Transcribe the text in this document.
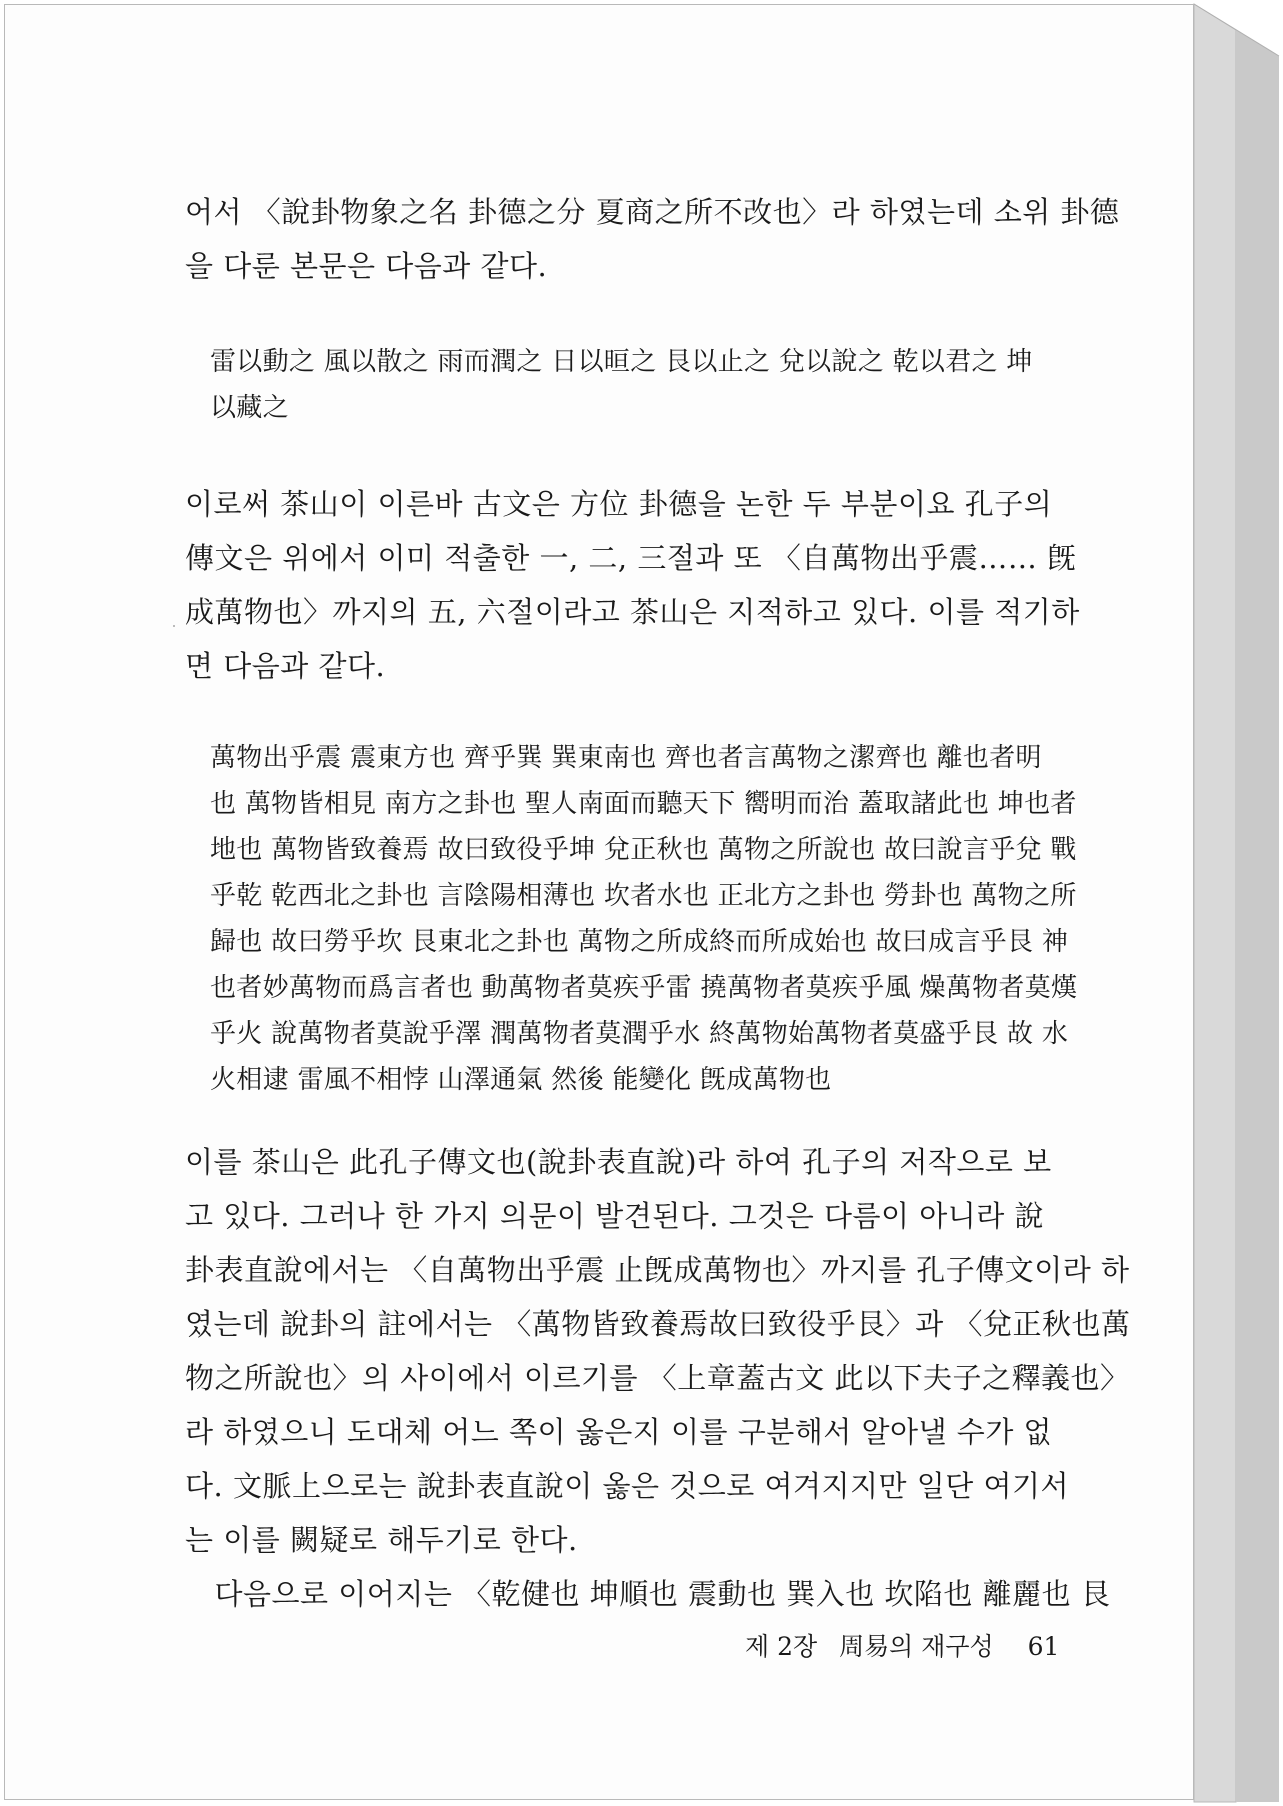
어서 〈說卦物象之名 卦德之分 夏商之所不改也〉라 하였는데 소위 卦德
을 다룬 본문은 다음과 같다.
雷以動之 風以散之 雨而潤之 日以晅之 艮以止之 兌以說之 乾以君之 坤
以藏之
이로써 茶山이 이른바 古文은 方位 卦德을 논한 두 부분이요 孔子의
傳文은 위에서 이미 적출한 一, 二, 三절과 또 〈自萬物出乎震…… 旣
成萬物也〉까지의 五, 六절이라고 茶山은 지적하고 있다. 이를 적기하
면 다음과 같다.
萬物出乎震 震東方也 齊乎巽 巽東南也 齊也者言萬物之潔齊也 離也者明
也 萬物皆相見 南方之卦也 聖人南面而聽天下 嚮明而治 蓋取諸此也 坤也者
地也 萬物皆致養焉 故曰致役乎坤 兌正秋也 萬物之所說也 故曰說言乎兌 戰
乎乾 乾西北之卦也 言陰陽相薄也 坎者水也 正北方之卦也 勞卦也 萬物之所
歸也 故曰勞乎坎 艮東北之卦也 萬物之所成終而所成始也 故曰成言乎艮 神
也者妙萬物而爲言者也 動萬物者莫疾乎雷 撓萬物者莫疾乎風 燥萬物者莫熯
乎火 說萬物者莫說乎澤 潤萬物者莫潤乎水 終萬物始萬物者莫盛乎艮 故 水
火相逮 雷風不相悖 山澤通氣 然後 能變化 旣成萬物也
이를 茶山은 此孔子傳文也(說卦表直說)라 하여 孔子의 저작으로 보
고 있다. 그러나 한 가지 의문이 발견된다. 그것은 다름이 아니라 說
卦表直說에서는 〈自萬物出乎震 止旣成萬物也〉까지를 孔子傳文이라 하
였는데 說卦의 註에서는 〈萬物皆致養焉故曰致役乎艮〉과 〈兌正秋也萬
物之所說也〉의 사이에서 이르기를 〈上章蓋古文 此以下夫子之釋義也〉
라 하였으니 도대체 어느 쪽이 옳은지 이를 구분해서 알아낼 수가 없
다. 文脈上으로는 說卦表直說이 옳은 것으로 여겨지지만 일단 여기서
는 이를 闕疑로 해두기로 한다.
　다음으로 이어지는 〈乾健也 坤順也 震動也 巽入也 坎陷也 離麗也 艮
제 2장 周易의 재구성 61
